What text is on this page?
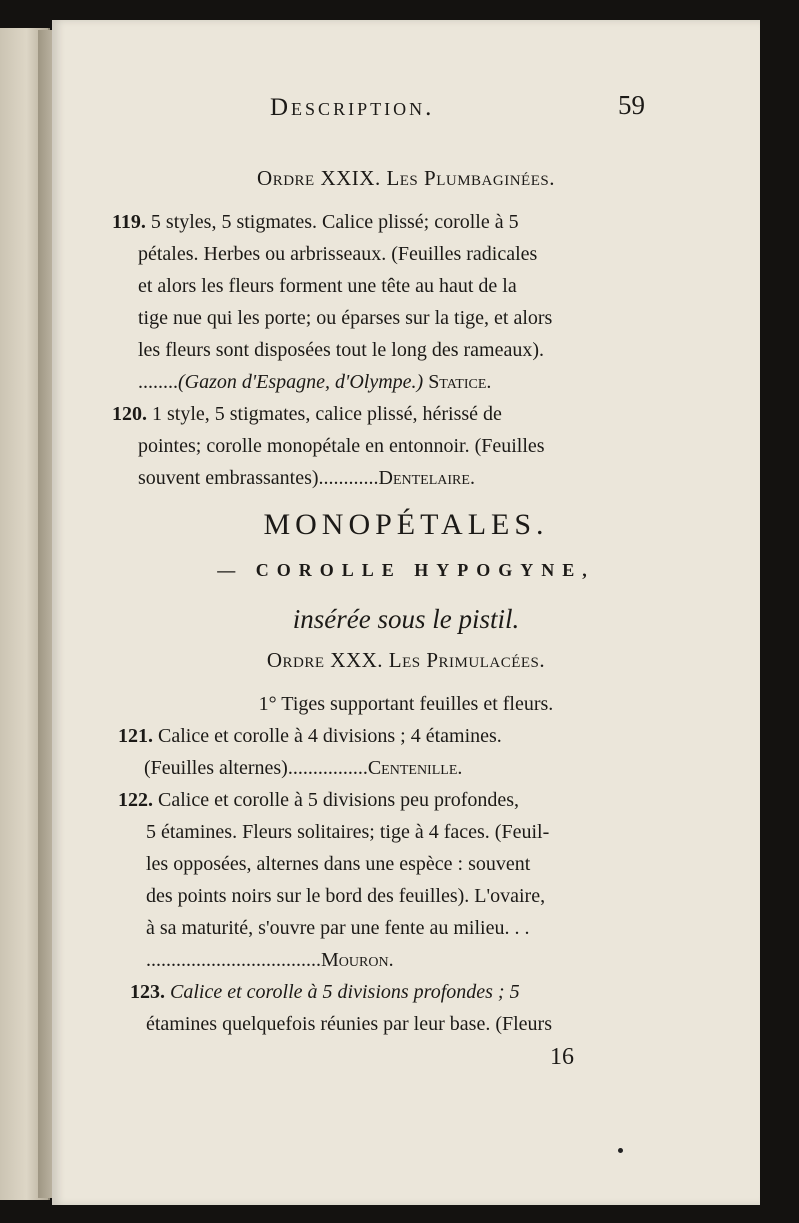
Description.	59
Ordre XXIX. Les Plumbaginées.
119. 5 styles, 5 stigmates. Calice plissé; corolle à 5
pétales. Herbes ou arbrisseaux. (Feuilles radicales
et alors les fleurs forment une tête au haut de la
tige nue qui les porte; ou éparses sur la tige, et alors
les fleurs sont disposées tout le long des rameaux).
........(Gazon d'Espagne, d'Olympe.) Statice.
120. 1 style, 5 stigmates, calice plissé, hérissé de
pointes; corolle monopétale en entonnoir. (Feuilles
souvent embrassantes)............Dentelaire.
MONOPÉTALES.
— COROLLE HYPOGYNE,
insérée sous le pistil.
Ordre XXX. Les Primulacées.
1° Tiges supportant feuilles et fleurs.
121. Calice et corolle à 4 divisions ; 4 étamines.
(Feuilles alternes)................Centenille.
122. Calice et corolle à 5 divisions peu profondes,
5 étamines. Fleurs solitaires; tige à 4 faces. (Feuil-
les opposées, alternes dans une espèce : souvent
des points noirs sur le bord des feuilles). L'ovaire,
à sa maturité, s'ouvre par une fente au milieu. . .
...................................Mouron.
123. Calice et corolle à 5 divisions profondes ; 5
étamines quelquefois réunies par leur base. (Fleurs
16
